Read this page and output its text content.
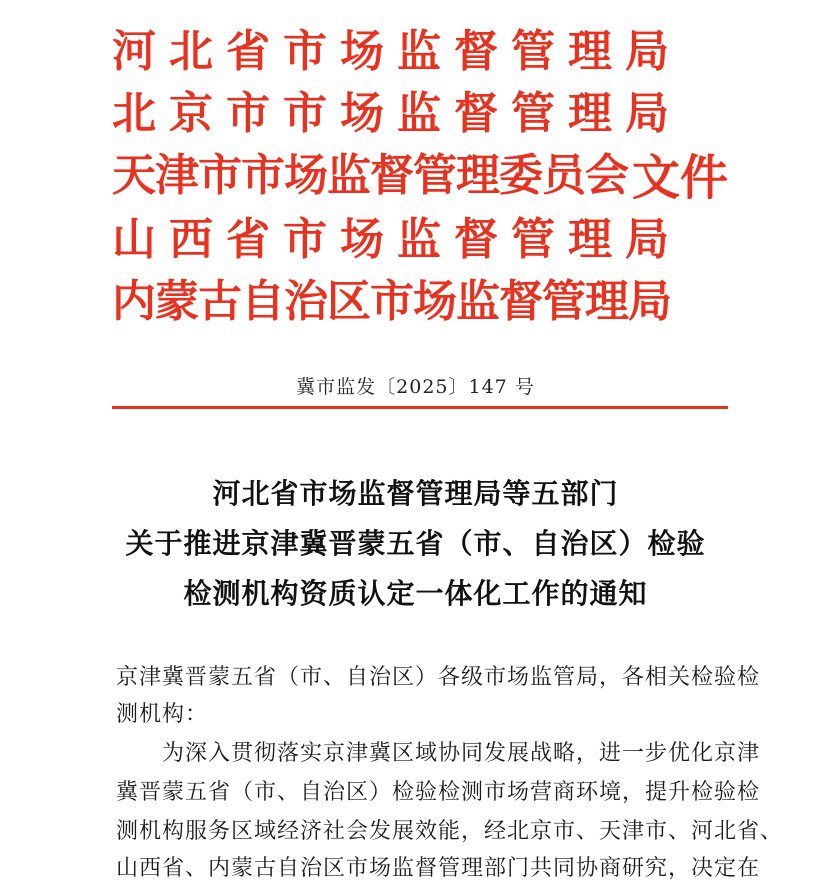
河北省市场监督管理局
北京市市场监督管理局
天津市市场监督管理委员会
山西省市场监督管理局
内蒙古自治区市场监督管理局
文件
冀市监发〔2025〕147 号
河北省市场监督管理局等五部门
关于推进京津冀晋蒙五省（市、自治区）检验
检测机构资质认定一体化工作的通知
京津冀晋蒙五省（市、自治区）各级市场监管局，各相关检验检
测机构：
　　为深入贯彻落实京津冀区域协同发展战略，进一步优化京津
冀晋蒙五省（市、自治区）检验检测市场营商环境，提升检验检
测机构服务区域经济社会发展效能，经北京市、天津市、河北省、
山西省、内蒙古自治区市场监督管理部门共同协商研究，决定在
